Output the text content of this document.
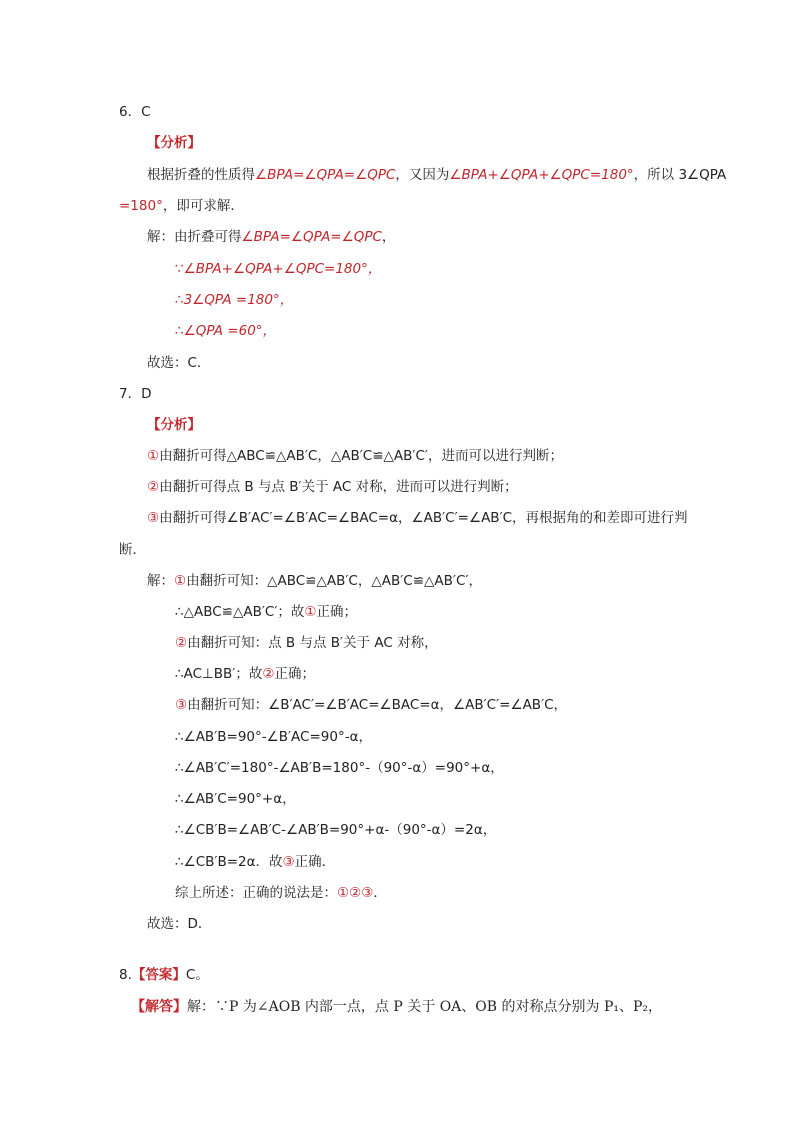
6．C
【分析】
根据折叠的性质得∠BPA=∠QPA=∠QPC，又因为∠BPA+∠QPA+∠QPC=180°，所以 3∠QPA
=180°，即可求解．
解：由折叠可得∠BPA=∠QPA=∠QPC，
∵∠BPA+∠QPA+∠QPC=180°，
∴3∠QPA =180°，
∴∠QPA =60°，
故选：C．
7．D
【分析】
①由翻折可得△ABC≌△AB′C，△AB′C≌△AB′C′，进而可以进行判断；
②由翻折可得点 B 与点 B′关于 AC 对称，进而可以进行判断；
③由翻折可得∠B′AC′=∠B′AC=∠BAC=α，∠AB′C′=∠AB′C，再根据角的和差即可进行判
断．
解：①由翻折可知：△ABC≌△AB′C，△AB′C≌△AB′C′，
∴△ABC≌△AB′C′；故①正确；
②由翻折可知：点 B 与点 B′关于 AC 对称，
∴AC⊥BB′；故②正确；
③由翻折可知：∠B′AC′=∠B′AC=∠BAC=α，∠AB′C′=∠AB′C，
∴∠AB′B=90°-∠B′AC=90°-α，
∴∠AB′C′=180°-∠AB′B=180°-（90°-α）=90°+α，
∴∠AB′C=90°+α，
∴∠CB′B=∠AB′C-∠AB′B=90°+α-（90°-α）=2α，
∴∠CB′B=2α．故③正确．
综上所述：正确的说法是：①②③．
故选：D．
8.【答案】C。
【解答】解：∵P 为∠AOB 内部一点，点 P 关于 OA、OB 的对称点分别为 P₁、P₂，
